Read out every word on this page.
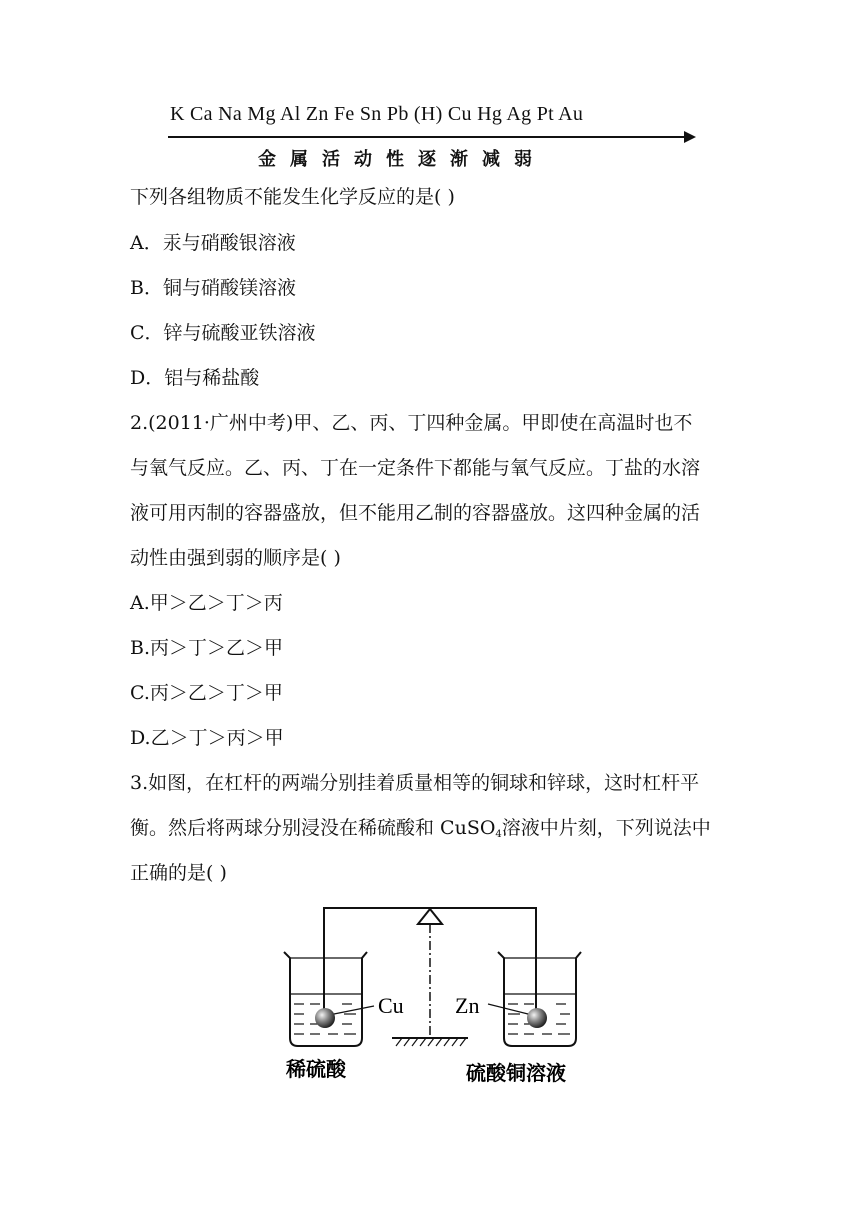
K Ca Na Mg Al Zn Fe Sn Pb (H) Cu Hg Ag Pt Au
金属活动性逐渐减弱
下列各组物质不能发生化学反应的是( )
A．汞与硝酸银溶液
B．铜与硝酸镁溶液
C．锌与硫酸亚铁溶液
D．铝与稀盐酸
2.(2011·广州中考)甲、乙、丙、丁四种金属。甲即使在高温时也不
与氧气反应。乙、丙、丁在一定条件下都能与氧气反应。丁盐的水溶
液可用丙制的容器盛放，但不能用乙制的容器盛放。这四种金属的活
动性由强到弱的顺序是( )
A.甲＞乙＞丁＞丙
B.丙＞丁＞乙＞甲
C.丙＞乙＞丁＞甲
D.乙＞丁＞丙＞甲
3.如图，在杠杆的两端分别挂着质量相等的铜球和锌球，这时杠杆平
衡。然后将两球分别浸没在稀硫酸和 CuSO$_4$溶液中片刻，下列说法中
正确的是( )
Cu Zn
稀硫酸	硫酸铜溶液
